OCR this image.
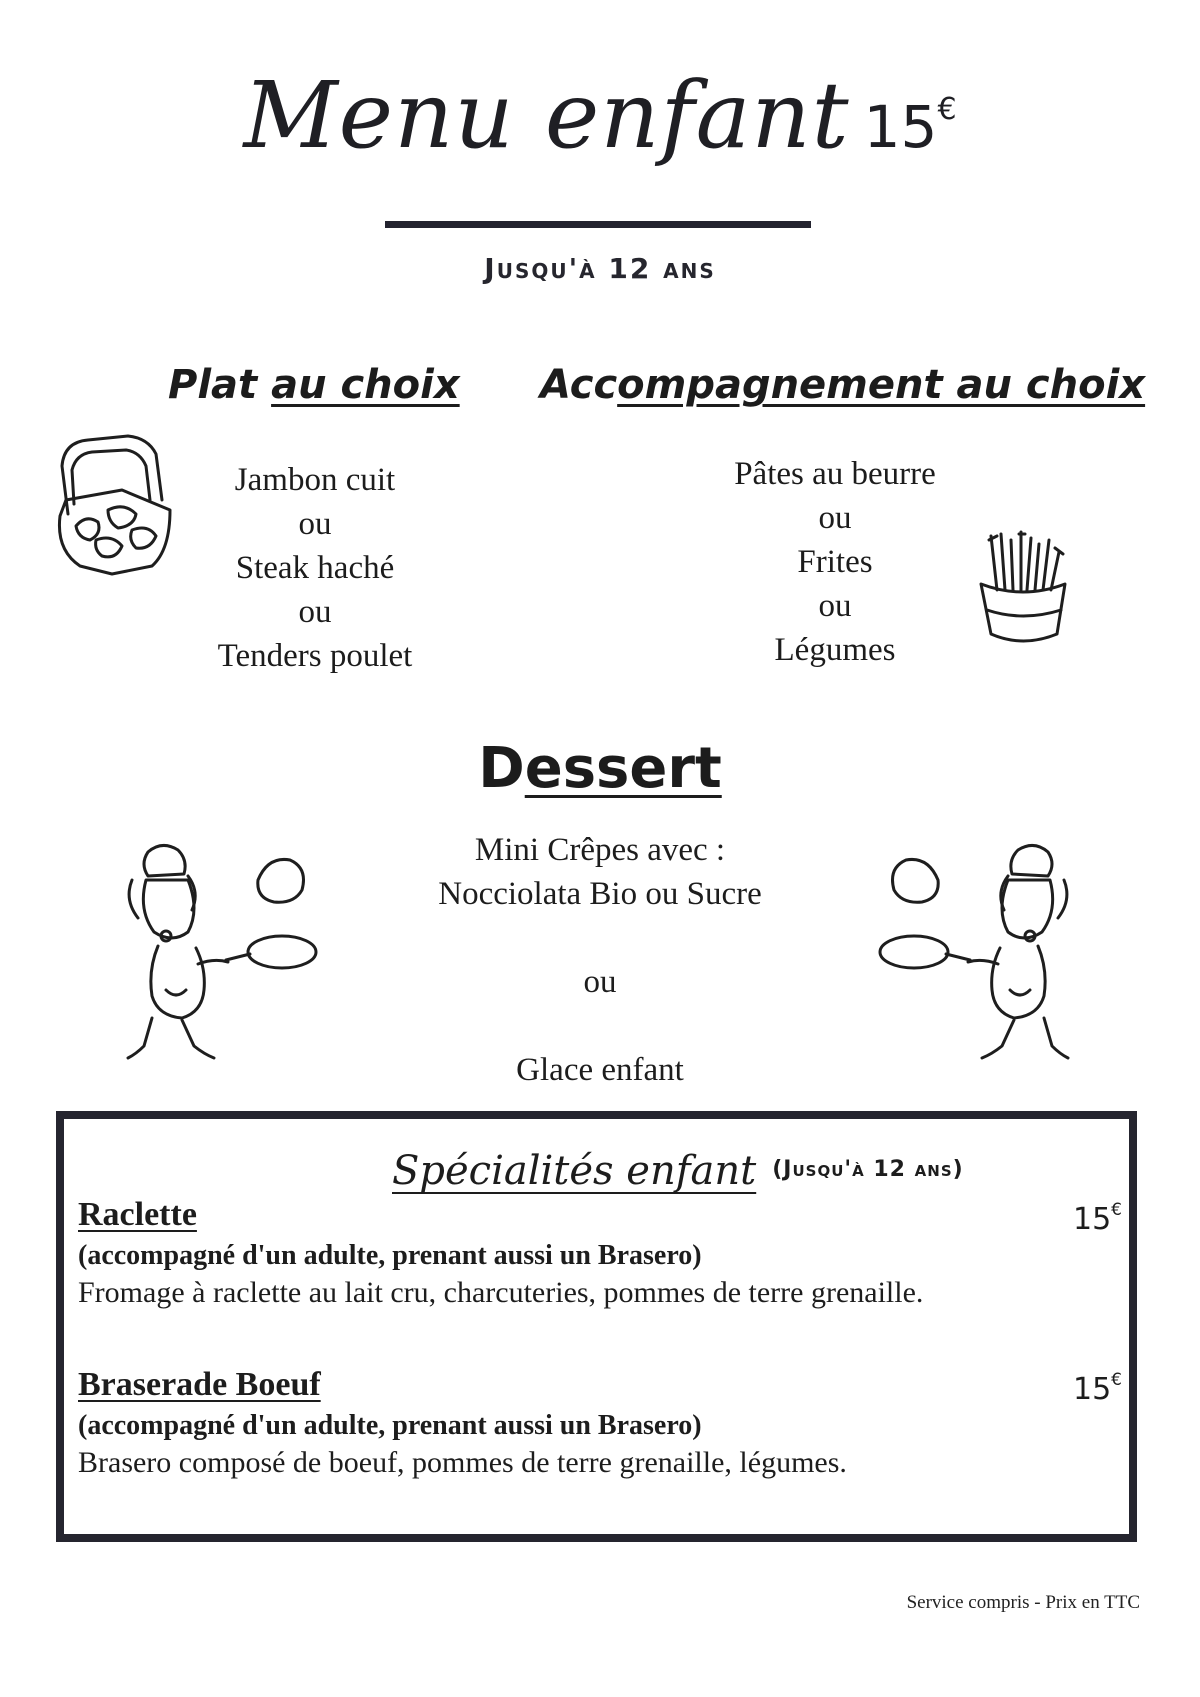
Menu enfant 15€
Jusqu'à 12 ans
Plat au choix
Jambon cuit
ou
Steak haché
ou
Tenders poulet
Accompagnement au choix
Pâtes au beurre
ou
Frites
ou
Légumes
Dessert
Mini Crêpes avec :
Nocciolata Bio ou Sucre
ou
Glace enfant
Spécialités enfant (Jusqu'à 12 ans)
Raclette	15€
(accompagné d'un adulte, prenant aussi un Brasero)
Fromage à raclette au lait cru, charcuteries, pommes de terre grenaille.
Braserade Boeuf	15€
(accompagné d'un adulte, prenant aussi un Brasero)
Brasero composé de boeuf, pommes de terre grenaille, légumes.
Service compris - Prix en TTC
